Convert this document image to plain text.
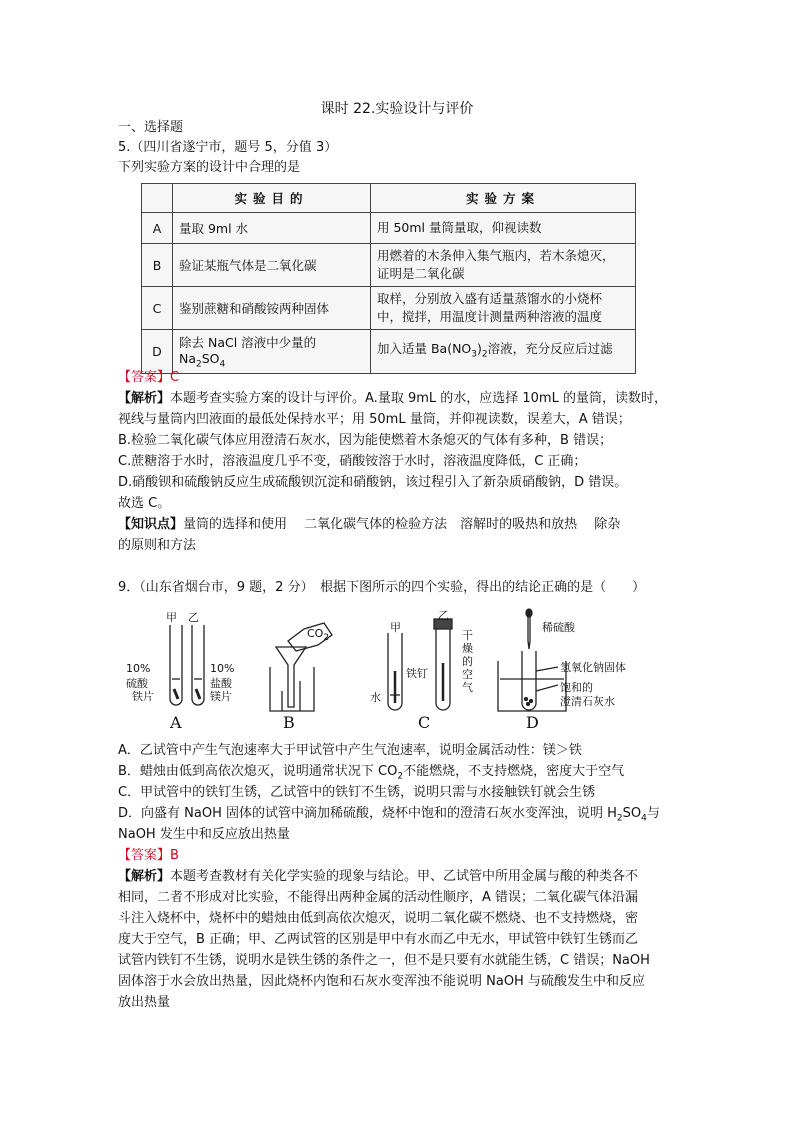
课时 22.实验设计与评价
一、选择题
5.（四川省遂宁市，题号 5，分值 3）
下列实验方案的设计中合理的是
	实验目的	实验方案
A	量取 9ml 水	用 50ml 量筒量取，仰视读数
B	验证某瓶气体是二氧化碳	用燃着的木条伸入集气瓶内，若木条熄灭，
证明是二氧化碳
C	鉴别蔗糖和硝酸铵两种固体	取样，分别放入盛有适量蒸馏水的小烧杯
中，搅拌，用温度计测量两种溶液的温度
D	除去 NaCl 溶液中少量的 $Na_2SO_4$	加入适量 $Ba(NO_3)_2$溶液，充分反应后过滤
【答案】C
【解析】本题考查实验方案的设计与评价。A.量取 9mL 的水，应选择 10mL 的量筒，读数时，
视线与量筒内凹液面的最低处保持水平；用 50mL 量筒，并仰视读数，误差大，A 错误；
B.检验二氧化碳气体应用澄清石灰水，因为能使燃着木条熄灭的气体有多种，B 错误；
C.蔗糖溶于水时，溶液温度几乎不变，硝酸铵溶于水时，溶液温度降低，C 正确；
D.硝酸钡和硫酸钠反应生成硫酸钡沉淀和硝酸钠，该过程引入了新杂质硝酸钠，D 错误。
故选 C。
【知识点】量筒的选择和使用　 二氧化碳气体的检验方法　溶解时的吸热和放热　 除杂
的原则和方法
9．（山东省烟台市，9 题，2 分）　根据下图所示的四个实验，得出的结论正确的是（　　）
甲 乙
10%
硫酸
铁片
10%
盐酸
镁片
$CO_2$
甲
乙
水
铁钉
干
燥
的
空
气
稀硫酸
氢氧化钠固体
饱和的
澄清石灰水
A	B	C	D
A．乙试管中产生气泡速率大于甲试管中产生气泡速率，说明金属活动性：镁＞铁
B．蜡烛由低到高依次熄灭，说明通常状况下 $CO_2$不能燃烧，不支持燃烧，密度大于空气
C．甲试管中的铁钉生锈，乙试管中的铁钉不生锈，说明只需与水接触铁钉就会生锈
D．向盛有 NaOH 固体的试管中滴加稀硫酸，烧杯中饱和的澄清石灰水变浑浊，说明 $H_2SO_4$与
NaOH 发生中和反应放出热量
【答案】B
【解析】本题考查教材有关化学实验的现象与结论。甲、乙试管中所用金属与酸的种类各不
相同，二者不形成对比实验，不能得出两种金属的活动性顺序，A 错误；二氧化碳气体沿漏
斗注入烧杯中，烧杯中的蜡烛由低到高依次熄灭，说明二氧化碳不燃烧、也不支持燃烧，密
度大于空气，B 正确；甲、乙两试管的区别是甲中有水而乙中无水，甲试管中铁钉生锈而乙
试管内铁钉不生锈，说明水是铁生锈的条件之一，但不是只要有水就能生锈，C 错误；NaOH
固体溶于水会放出热量，因此烧杯内饱和石灰水变浑浊不能说明 NaOH 与硫酸发生中和反应
放出热量
